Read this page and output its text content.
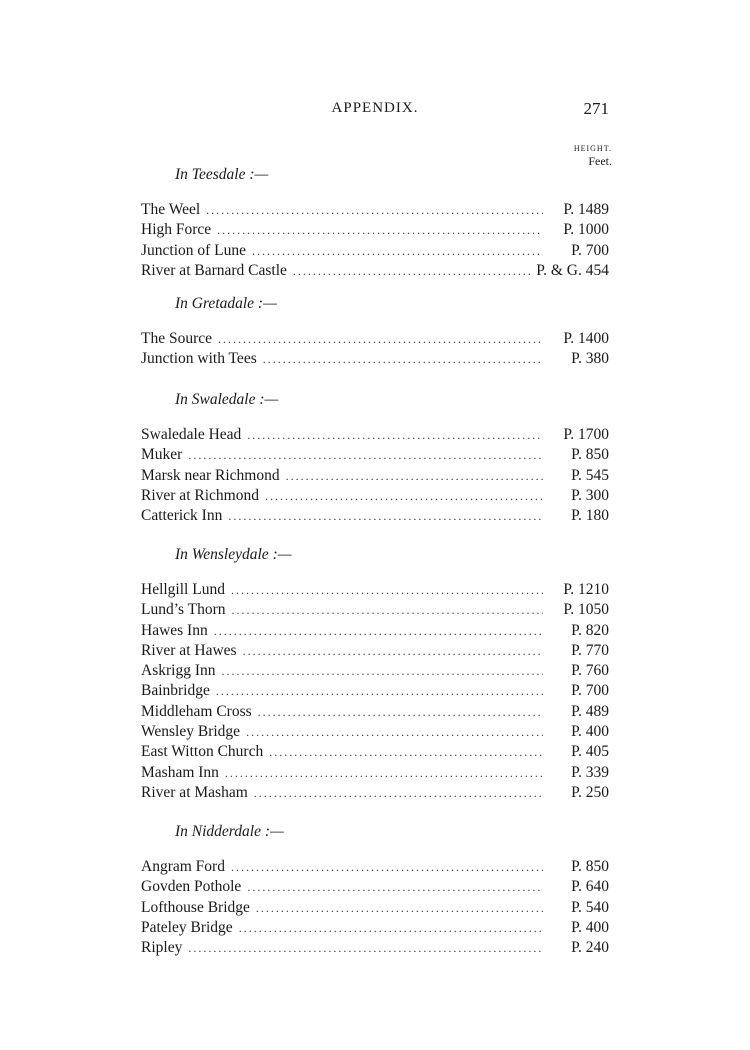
APPENDIX.	271
HEIGHT.
Feet.
In Teesdale :—
The Weel . . .	P. 1489
High Force . . .	P. 1000
Junction of Lune . . .	P. 700
River at Barnard Castle . . .	P. & G. 454
In Gretadale :—
The Source . . .	P. 1400
Junction with Tees . . .	P. 380
In Swaledale :—
Swaledale Head . . .	P. 1700
Muker . . .	P. 850
Marsk near Richmond . . .	P. 545
River at Richmond . . .	P. 300
Catterick Inn . . .	P. 180
In Wensleydale :—
Hellgill Lund . . .	P. 1210
Lund’s Thorn . . .	P. 1050
Hawes Inn . . .	P. 820
River at Hawes . . .	P. 770
Askrigg Inn . . .	P. 760
Bainbridge . . .	P. 700
Middleham Cross . . .	P. 489
Wensley Bridge . . .	P. 400
East Witton Church . . .	P. 405
Masham Inn . . .	P. 339
River at Masham . . .	P. 250
In Nidderdale :—
Angram Ford . . .	P. 850
Govden Pothole . . .	P. 640
Lofthouse Bridge . . .	P. 540
Pateley Bridge . . .	P. 400
Ripley . . .	P. 240
